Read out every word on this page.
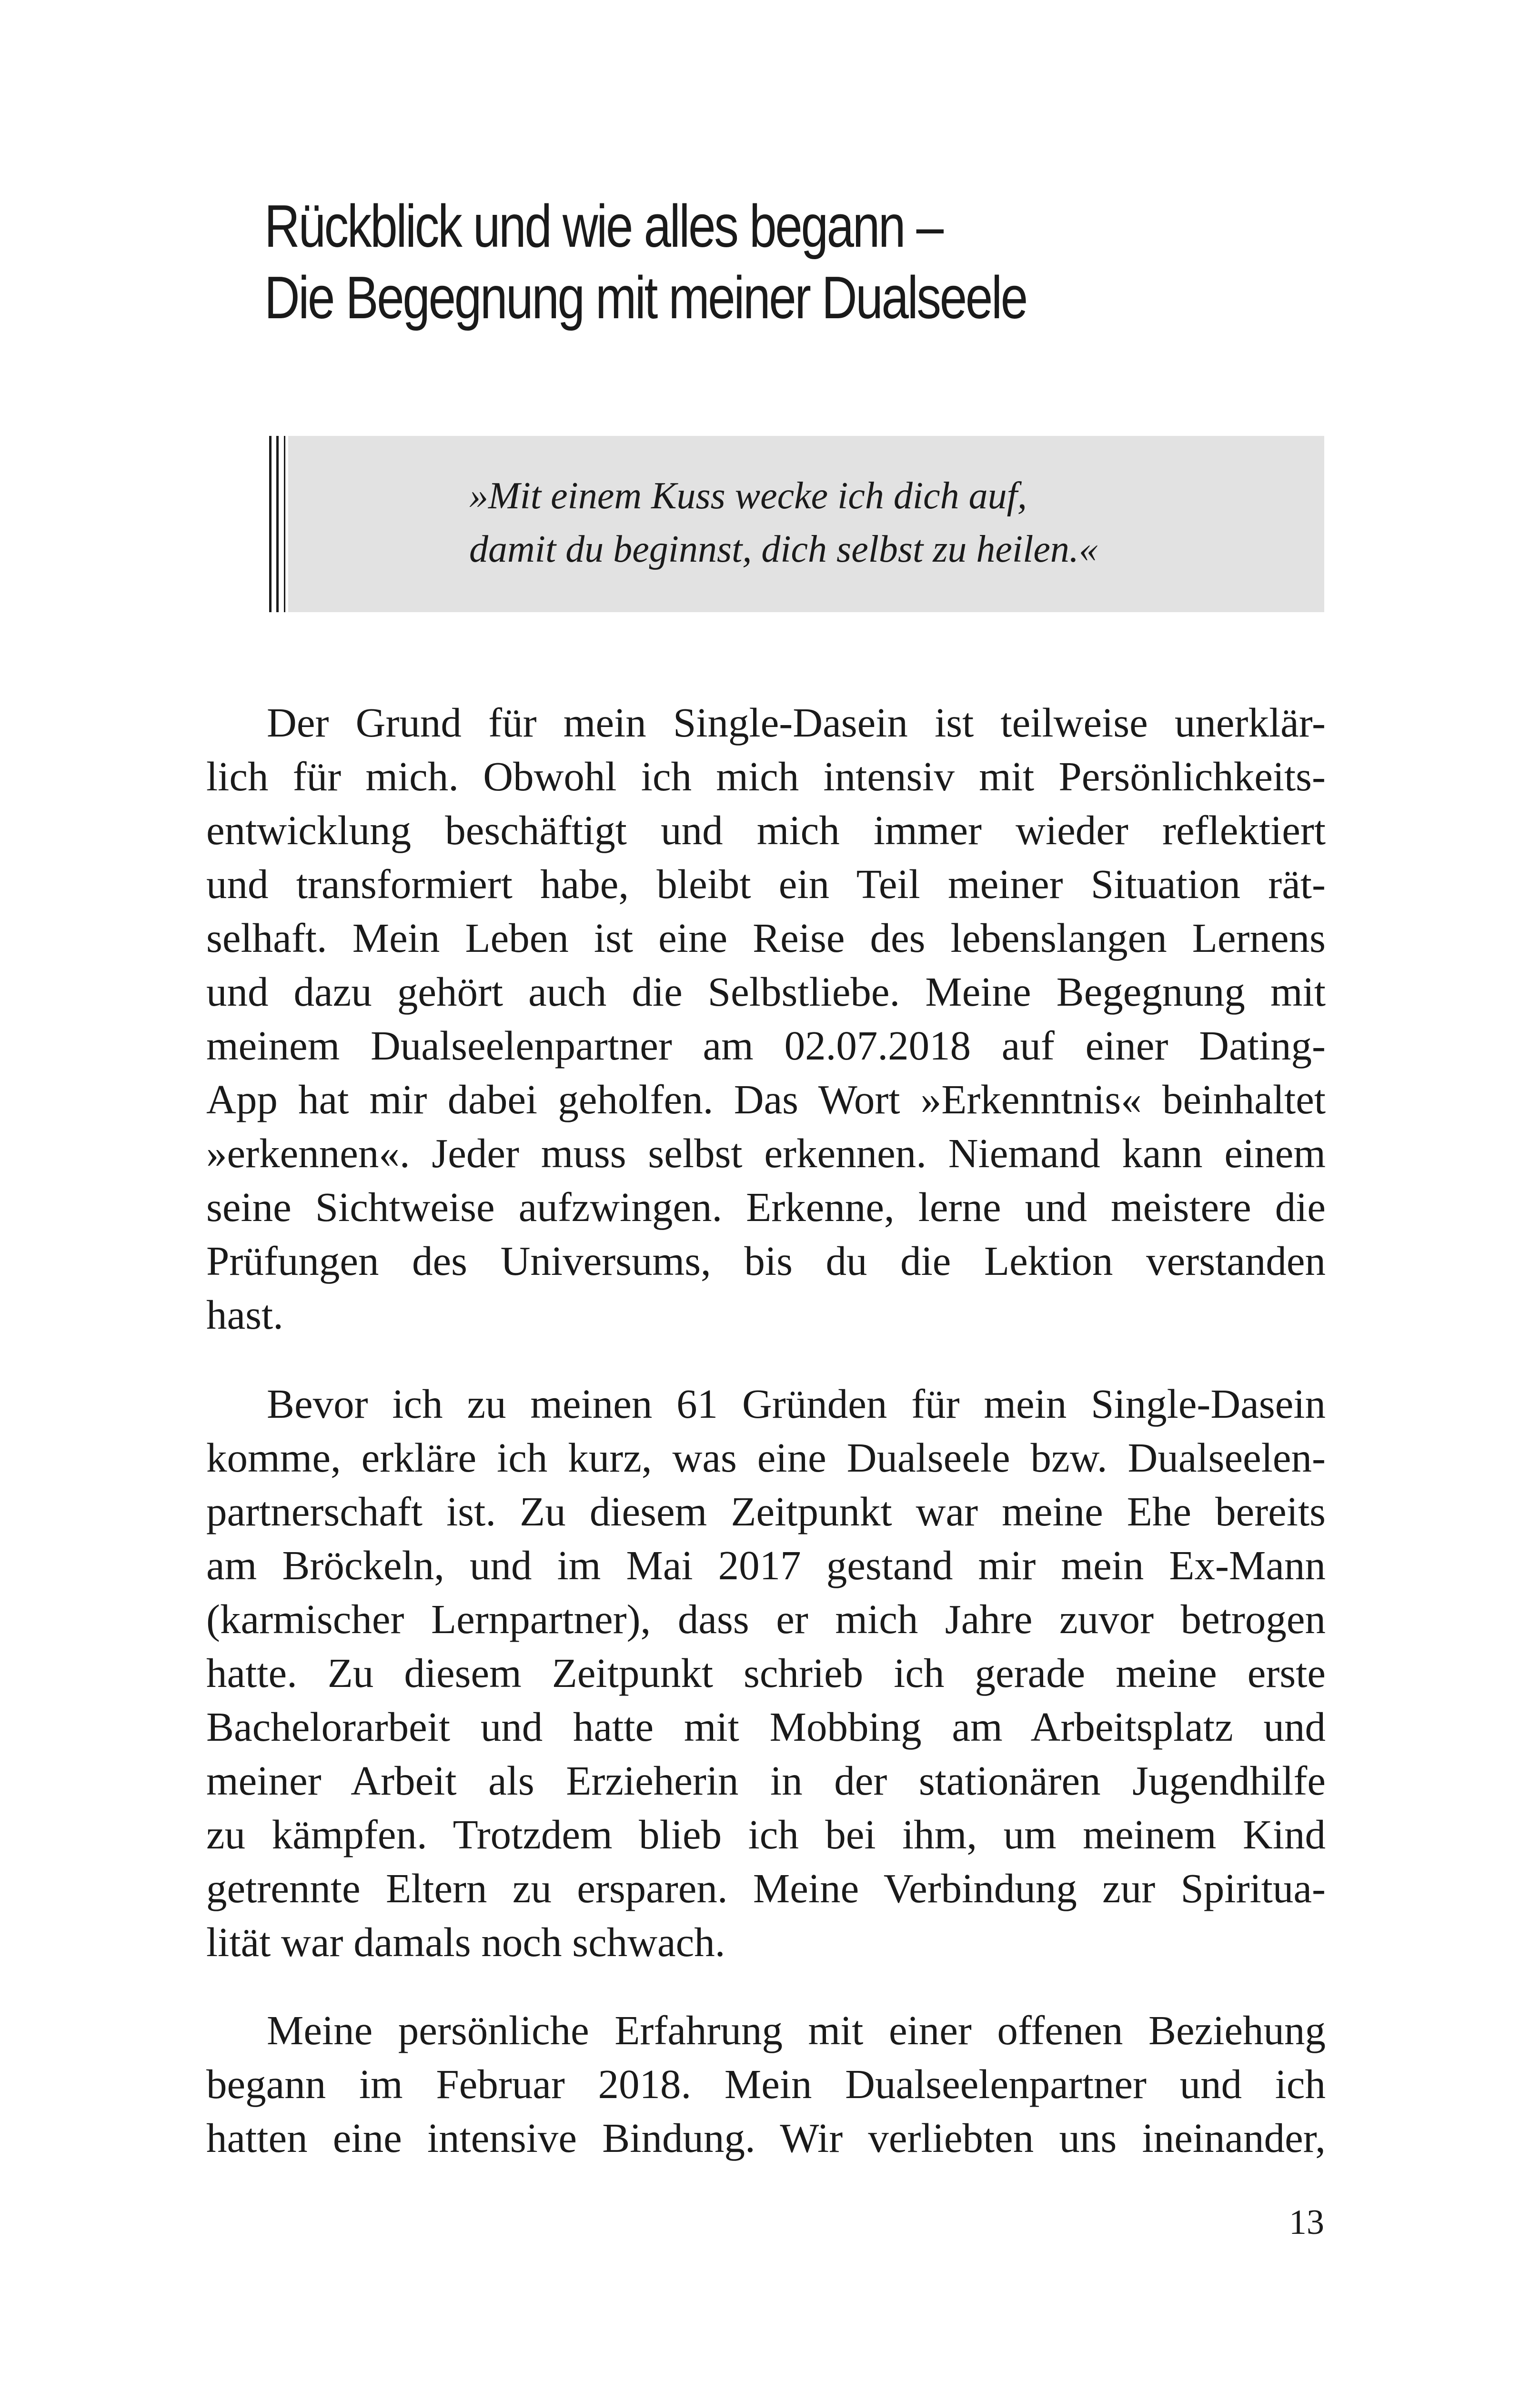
Rückblick und wie alles begann –
Die Begegnung mit meiner Dualseele
»Mit einem Kuss wecke ich dich auf,
damit du beginnst, dich selbst zu heilen.«
Der Grund für mein Single-Dasein ist teilweise unerklär-
lich für mich. Obwohl ich mich intensiv mit Persönlichkeits-
entwicklung beschäftigt und mich immer wieder reflektiert
und transformiert habe, bleibt ein Teil meiner Situation rät-
selhaft. Mein Leben ist eine Reise des lebenslangen Lernens
und dazu gehört auch die Selbstliebe. Meine Begegnung mit
meinem Dualseelenpartner am 02.07.2018 auf einer Dating-
App hat mir dabei geholfen. Das Wort »Erkenntnis« beinhaltet
»erkennen«. Jeder muss selbst erkennen. Niemand kann einem
seine Sichtweise aufzwingen. Erkenne, lerne und meistere die
Prüfungen des Universums, bis du die Lektion verstanden
hast.
Bevor ich zu meinen 61 Gründen für mein Single-Dasein
komme, erkläre ich kurz, was eine Dualseele bzw. Dualseelen-
partnerschaft ist. Zu diesem Zeitpunkt war meine Ehe bereits
am Bröckeln, und im Mai 2017 gestand mir mein Ex-Mann
(karmischer Lernpartner), dass er mich Jahre zuvor betrogen
hatte. Zu diesem Zeitpunkt schrieb ich gerade meine erste
Bachelorarbeit und hatte mit Mobbing am Arbeitsplatz und
meiner Arbeit als Erzieherin in der stationären Jugendhilfe
zu kämpfen. Trotzdem blieb ich bei ihm, um meinem Kind
getrennte Eltern zu ersparen. Meine Verbindung zur Spiritua-
lität war damals noch schwach.
Meine persönliche Erfahrung mit einer offenen Beziehung
begann im Februar 2018. Mein Dualseelenpartner und ich
hatten eine intensive Bindung. Wir verliebten uns ineinander,
13
